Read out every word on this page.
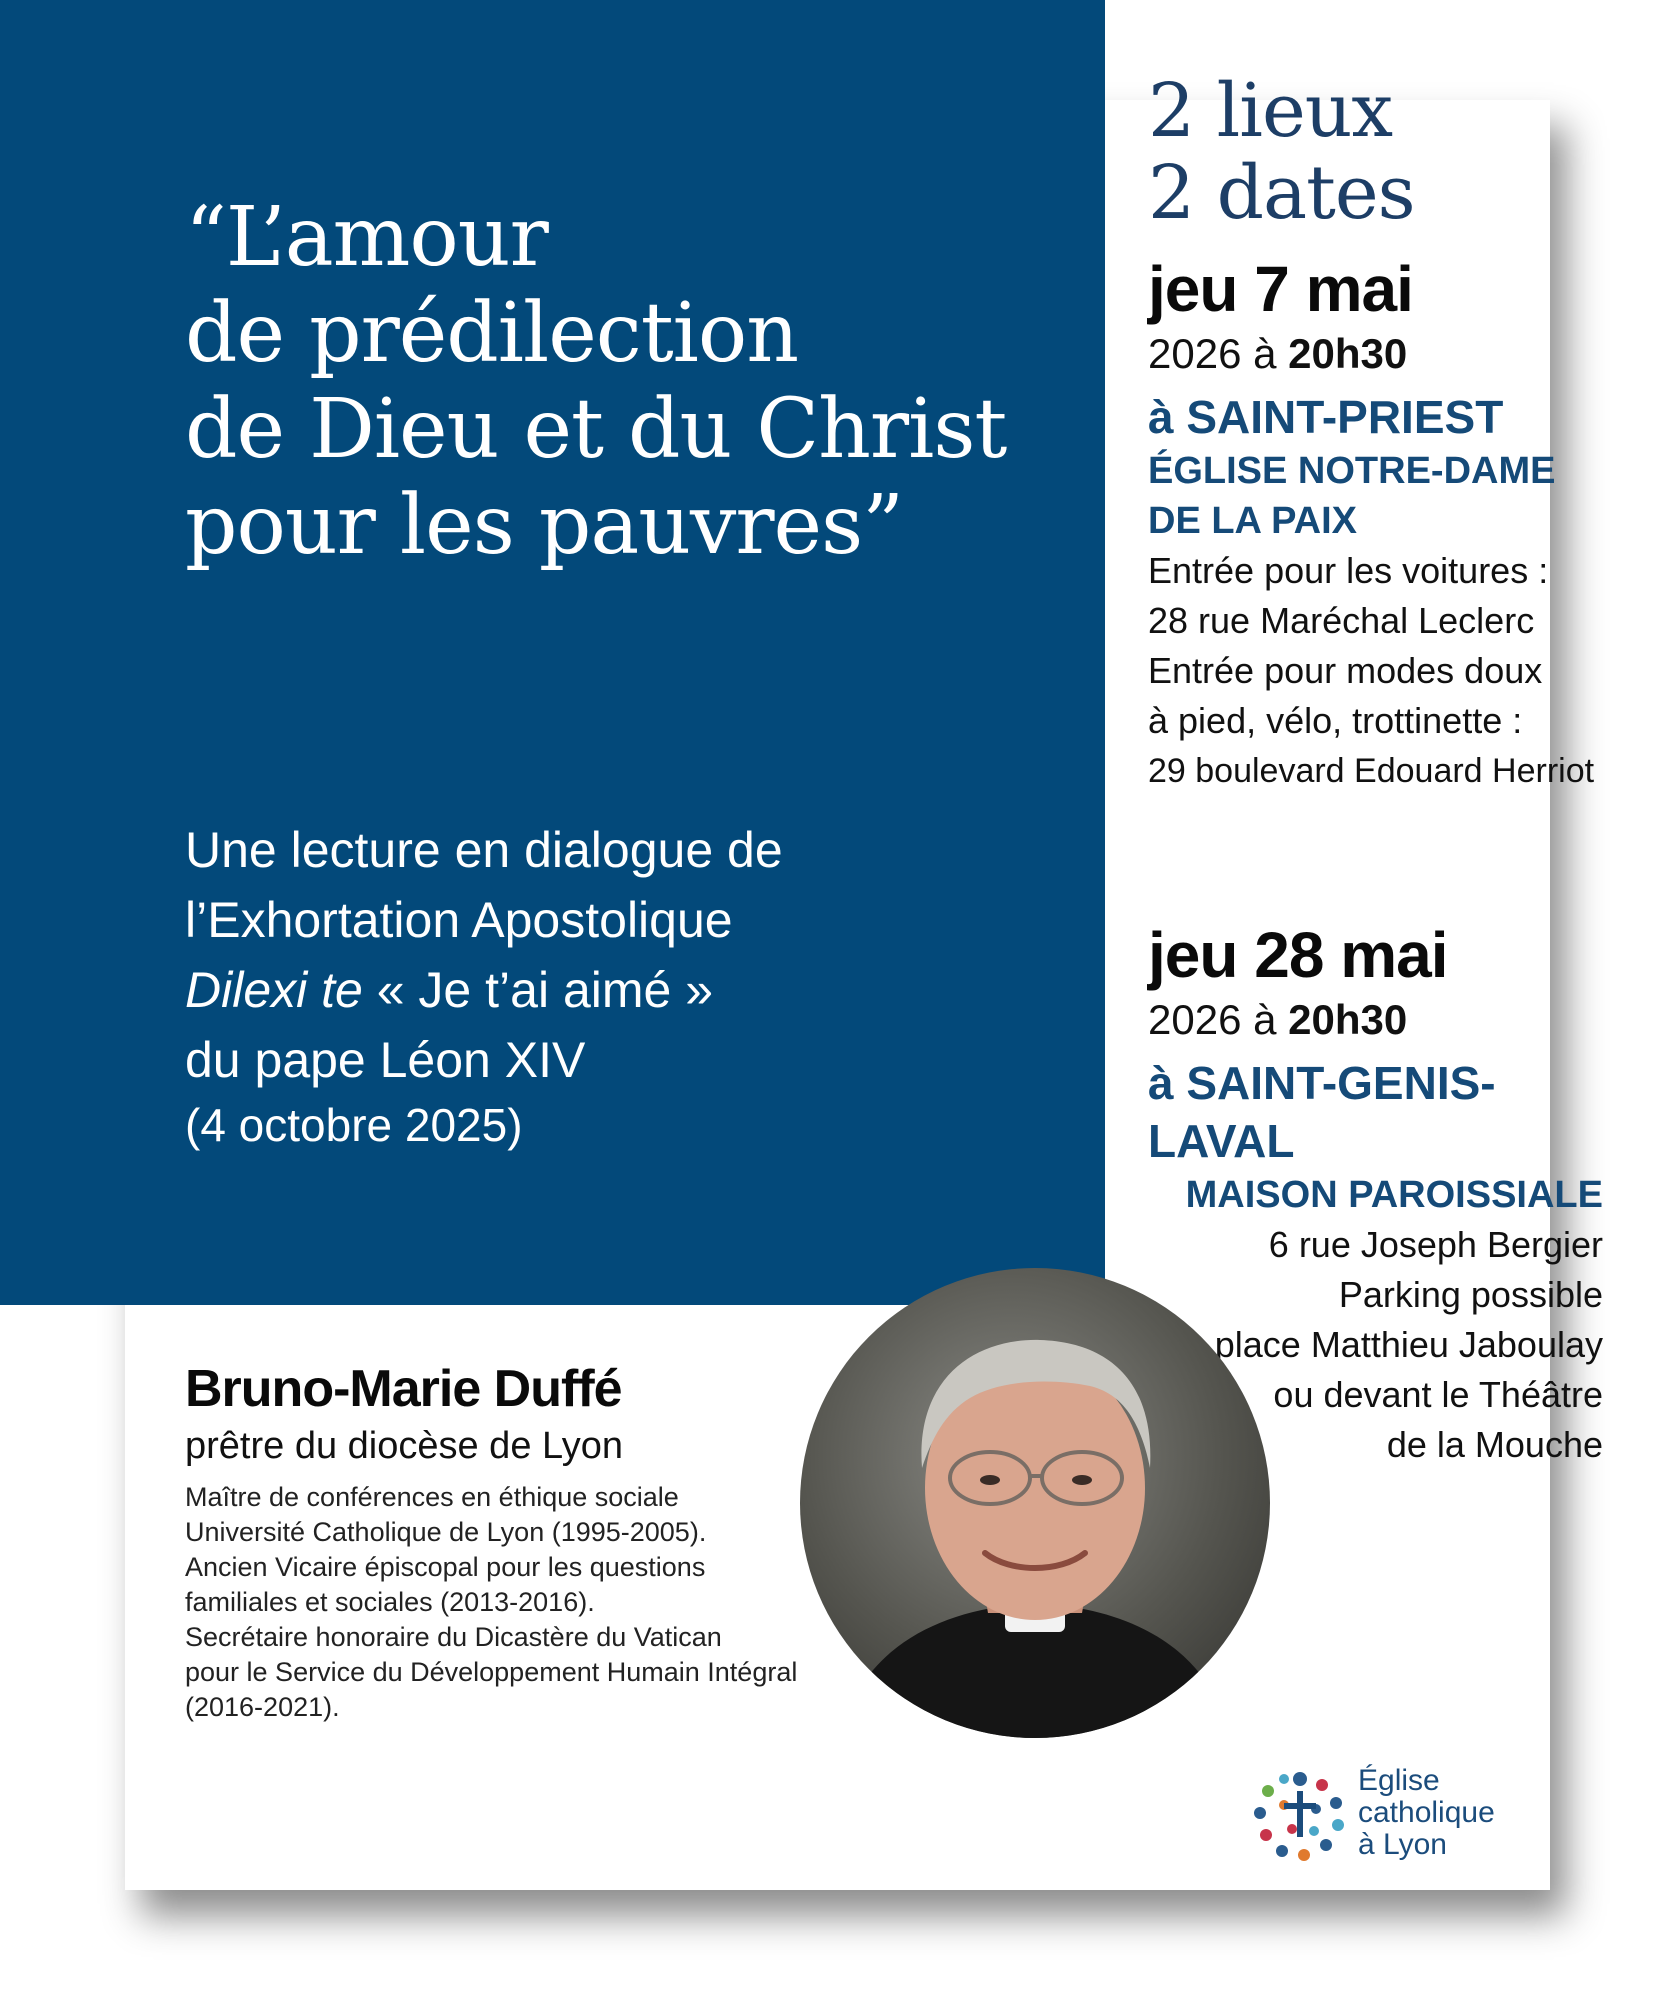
“L’amour
de prédilection
de Dieu et du Christ
pour les pauvres”
Une lecture en dialogue de
l’Exhortation Apostolique
Dilexi te « Je t’ai aimé »
du pape Léon XIV
(4 octobre 2025)
2 lieux
2 dates
jeu 7 mai
2026 à 20h30
à SAINT-PRIEST
ÉGLISE NOTRE-DAME
DE LA PAIX
Entrée pour les voitures :
28 rue Maréchal Leclerc
Entrée pour modes doux
à pied, vélo, trottinette :
29 boulevard Edouard Herriot
jeu 28 mai
2026 à 20h30
à SAINT-GENIS-LAVAL
MAISON PAROISSIALE
6 rue Joseph Bergier
Parking possible
place Matthieu Jaboulay
ou devant le Théâtre
de la Mouche
Bruno-Marie Duffé
prêtre du diocèse de Lyon
Maître de conférences en éthique sociale
Université Catholique de Lyon (1995-2005).
Ancien Vicaire épiscopal pour les questions
familiales et sociales (2013-2016).
Secrétaire honoraire du Dicastère du Vatican
pour le Service du Développement Humain Intégral
(2016-2021).
Église
catholique
à Lyon
